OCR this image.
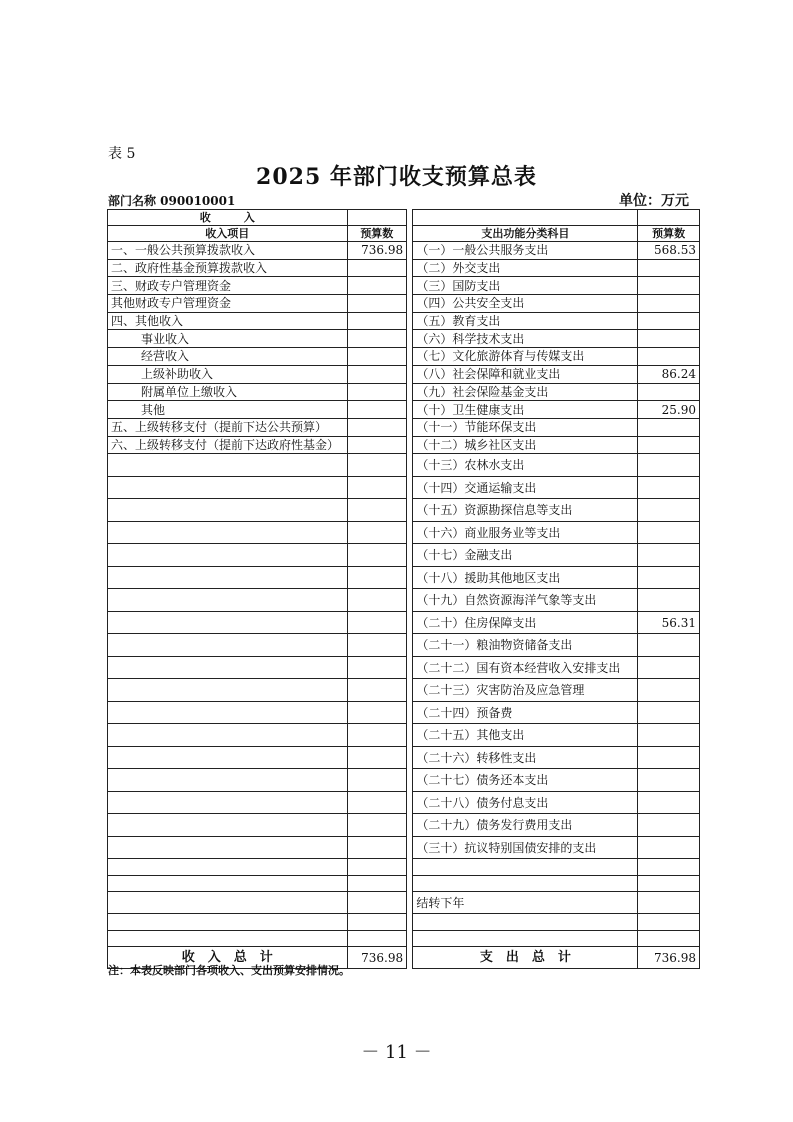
表 5
2025 年部门收支预算总表
部门名称 090010001	单位：万元
收　　　入				
收入项目	预算数		支出功能分类科目	预算数
一、一般公共预算拨款收入	736.98		（一）一般公共服务支出	568.53
二、政府性基金预算拨款收入			（二）外交支出	
三、财政专户管理资金			（三）国防支出	
其他财政专户管理资金			（四）公共安全支出	
四、其他收入			（五）教育支出	
事业收入			（六）科学技术支出	
经营收入			（七）文化旅游体育与传媒支出	
上级补助收入			（八）社会保障和就业支出	86.24
附属单位上缴收入			（九）社会保险基金支出	
其他			（十）卫生健康支出	25.90
五、上级转移支付（提前下达公共预算）			（十一）节能环保支出	
六、上级转移支付（提前下达政府性基金）			（十二）城乡社区支出	
			（十三）农林水支出	
			（十四）交通运输支出	
			（十五）资源勘探信息等支出	
			（十六）商业服务业等支出	
			（十七）金融支出	
			（十八）援助其他地区支出	
			（十九）自然资源海洋气象等支出	
			（二十）住房保障支出	56.31
			（二十一）粮油物资储备支出	
			（二十二）国有资本经营收入安排支出	
			（二十三）灾害防治及应急管理	
			（二十四）预备费	
			（二十五）其他支出	
			（二十六）转移性支出	
			（二十七）债务还本支出	
			（二十八）债务付息支出	
			（二十九）债务发行费用支出	
			（三十）抗议特别国债安排的支出	

			结转下年	

收　入　总　计	736.98		支　出　总　计	736.98
注：本表反映部门各项收入、支出预算安排情况。
－ 11 －
